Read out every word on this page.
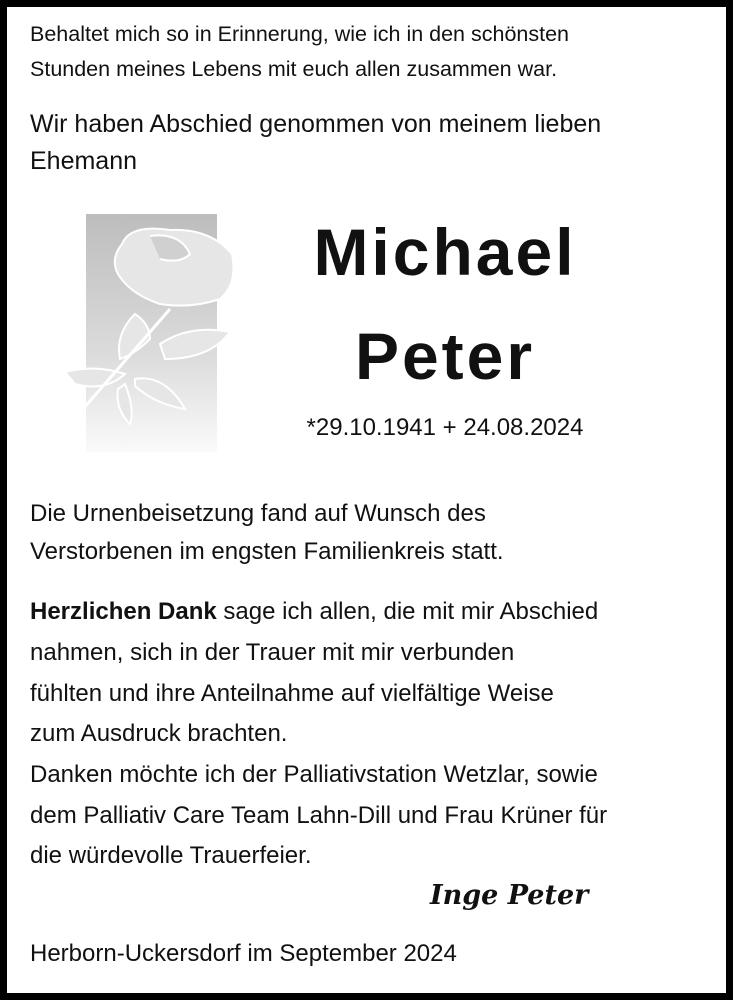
Behaltet mich so in Erinnerung, wie ich in den schönsten

Stunden meines Lebens mit euch allen zusammen war.

Wir haben Abschied genommen von meinem lieben

Ehemann

Michael
Peter
*29.10.1941 + 24.08.2024

Die Urnenbeisetzung fand auf Wunsch des

Verstorbenen im engsten Familienkreis statt.

Herzlichen Dank sage ich allen, die mit mir Abschied

nahmen, sich in der Trauer mit mir verbunden

fühlten und ihre Anteilnahme auf vielfältige Weise

zum Ausdruck brachten.

Danken möchte ich der Palliativstation Wetzlar, sowie

dem Palliativ Care Team Lahn-Dill und Frau Krüner für

die würdevolle Trauerfeier.

Inge Peter

Herborn-Uckersdorf im September 2024
